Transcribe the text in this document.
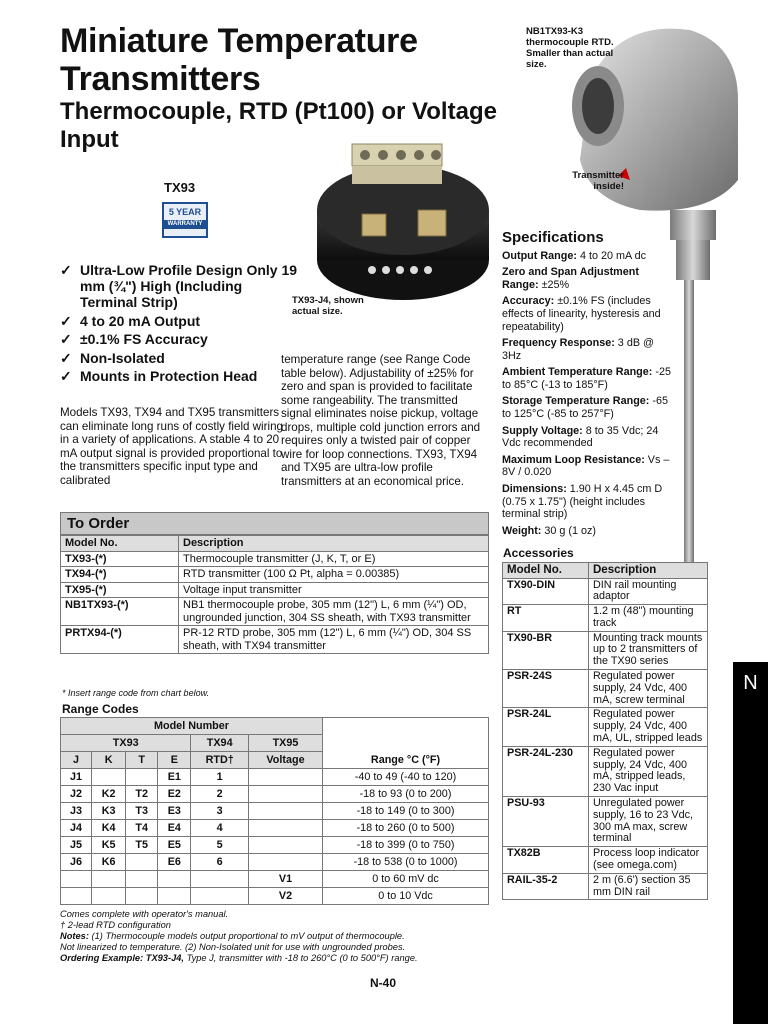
Miniature Temperature Transmitters
Thermocouple, RTD (Pt100) or Voltage Input
TX93
5 YEAR
WARRANTY
TX93-J4, shown actual size.
NB1TX93-K3 thermocouple RTD. Smaller than actual size.
Transmitter inside!
✓ Ultra-Low Profile Design Only 19 mm (¾") High (Including Terminal Strip)
✓ 4 to 20 mA Output
✓ ±0.1% FS Accuracy
✓ Non-Isolated
✓ Mounts in Protection Head
Models TX93, TX94 and TX95 transmitters can eliminate long runs of costly field wiring in a variety of applications. A stable 4 to 20 mA output signal is provided proportional to the transmitters specific input type and calibrated
temperature range (see Range Code table below). Adjustability of ±25% for zero and span is provided to facilitate some rangeability. The transmitted signal eliminates noise pickup, voltage drops, multiple cold junction errors and requires only a twisted pair of copper wire for loop connections. TX93, TX94 and TX95 are ultra-low profile transmitters at an economical price.
To Order
Model No.	Description
TX93-(*)	Thermocouple transmitter (J, K, T, or E)
TX94-(*)	RTD transmitter (100 Ω Pt, alpha = 0.00385)
TX95-(*)	Voltage input transmitter
NB1TX93-(*)	NB1 thermocouple probe, 305 mm (12") L, 6 mm (¼") OD, ungrounded junction, 304 SS sheath, with TX93 transmitter
PRTX94-(*)	PR-12 RTD probe, 305 mm (12") L, 6 mm (¼") OD, 304 SS sheath, with TX94 transmitter
* Insert range code from chart below.
Range Codes
Model Number						Range °C (°F)
TX93				TX94	TX95	
J	K	T	E	RTD†	Voltage	
J1			E1	1		-40 to 49 (-40 to 120)
J2	K2	T2	E2	2		-18 to 93 (0 to 200)
J3	K3	T3	E3	3		-18 to 149 (0 to 300)
J4	K4	T4	E4	4		-18 to 260 (0 to 500)
J5	K5	T5	E5	5		-18 to 399 (0 to 750)
J6	K6		E6	6		-18 to 538 (0 to 1000)
					V1	0 to 60 mV dc
					V2	0 to 10 Vdc
Comes complete with operator's manual.
† 2-lead RTD configuration
Notes: (1) Thermocouple models output proportional to mV output of thermocouple.
Not linearized to temperature. (2) Non-Isolated unit for use with ungrounded probes.
Ordering Example: TX93-J4, Type J, transmitter with -18 to 260°C (0 to 500°F) range.
Specifications
Output Range: 4 to 20 mA dc
Zero and Span Adjustment Range: ±25%
Accuracy: ±0.1% FS (includes effects of linearity, hysteresis and repeatability)
Frequency Response: 3 dB @ 3Hz
Ambient Temperature Range: -25 to 85°C (-13 to 185°F)
Storage Temperature Range: -65 to 125°C (-85 to 257°F)
Supply Voltage: 8 to 35 Vdc; 24 Vdc recommended
Maximum Loop Resistance: Vs – 8V / 0.020
Dimensions: 1.90 H x 4.45 cm D (0.75 x 1.75") (height includes terminal strip)
Weight: 30 g (1 oz)
Accessories
Model No.	Description
TX90-DIN	DIN rail mounting adaptor
RT	1.2 m (48") mounting track
TX90-BR	Mounting track mounts up to 2 transmitters of the TX90 series
PSR-24S	Regulated power supply, 24 Vdc, 400 mA, screw terminal
PSR-24L	Regulated power supply, 24 Vdc, 400 mA, UL, stripped leads
PSR-24L-230	Regulated power supply, 24 Vdc, 400 mA, stripped leads, 230 Vac input
PSU-93	Unregulated power supply, 16 to 23 Vdc, 300 mA max, screw terminal
TX82B	Process loop indicator (see omega.com)
RAIL-35-2	2 m (6.6') section 35 mm DIN rail
N
N-40
